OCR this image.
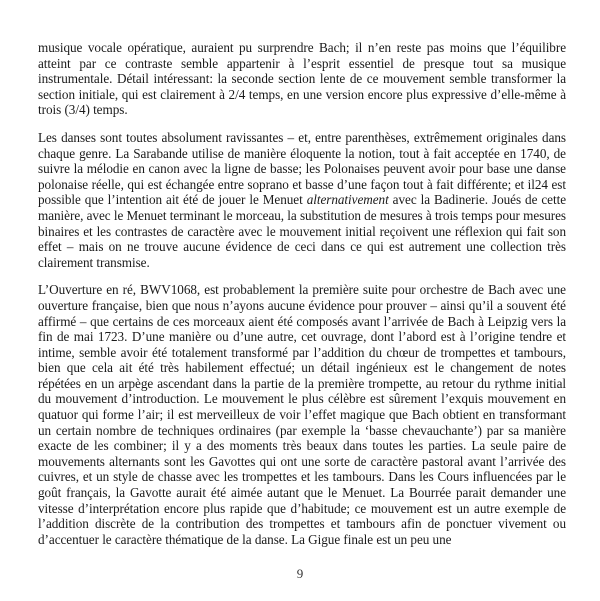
musique vocale opératique, auraient pu surprendre Bach; il n’en reste pas moins que l’équilibre atteint par ce contraste semble appartenir à l’esprit essentiel de presque tout sa musique instrumentale. Détail intéressant: la seconde section lente de ce mouvement semble transformer la section initiale, qui est clairement à 2/4 temps, en une version encore plus expressive d’elle-même à trois (3/4) temps.

Les danses sont toutes absolument ravissantes – et, entre parenthèses, extrêmement originales dans chaque genre. La Sarabande utilise de manière éloquente la notion, tout à fait acceptée en 1740, de suivre la mélodie en canon avec la ligne de basse; les Polonaises peuvent avoir pour base une danse polonaise réelle, qui est échangée entre soprano et basse d’une façon tout à fait différente; et il24 est possible que l’intention ait été de jouer le Menuet alternativement avec la Badinerie. Joués de cette manière, avec le Menuet terminant le morceau, la substitution de mesures à trois temps pour mesures binaires et les contrastes de caractère avec le mouvement initial reçoivent une réflexion qui fait son effet – mais on ne trouve aucune évidence de ceci dans ce qui est autrement une collection très clairement transmise.

L’Ouverture en ré, BWV1068, est probablement la première suite pour orchestre de Bach avec une ouverture française, bien que nous n’ayons aucune évidence pour prouver – ainsi qu’il a souvent été affirmé – que certains de ces morceaux aient été composés avant l’arrivée de Bach à Leipzig vers la fin de mai 1723. D’une manière ou d’une autre, cet ouvrage, dont l’abord est à l’origine tendre et intime, semble avoir été totalement transformé par l’addition du chœur de trompettes et tambours, bien que cela ait été très habilement effectué; un détail ingénieux est le changement de notes répétées en un arpège ascendant dans la partie de la première trompette, au retour du rythme initial du mouvement d’introduction. Le mouvement le plus célèbre est sûrement l’exquis mouvement en quatuor qui forme l’air; il est merveilleux de voir l’effet magique que Bach obtient en transformant un certain nombre de techniques ordinaires (par exemple la ‘basse chevauchante’) par sa manière exacte de les combiner; il y a des moments très beaux dans toutes les parties. La seule paire de mouvements alternants sont les Gavottes qui ont une sorte de caractère pastoral avant l’arrivée des cuivres, et un style de chasse avec les trompettes et les tambours. Dans les Cours influencées par le goût français, la Gavotte aurait été aimée autant que le Menuet. La Bourrée parait demander une vitesse d’interprétation encore plus rapide que d’habitude; ce mouvement est un autre exemple de l’addition discrète de la contribution des trompettes et tambours afin de ponctuer vivement ou d’accentuer le caractère thématique de la danse. La Gigue finale est un peu une

9
